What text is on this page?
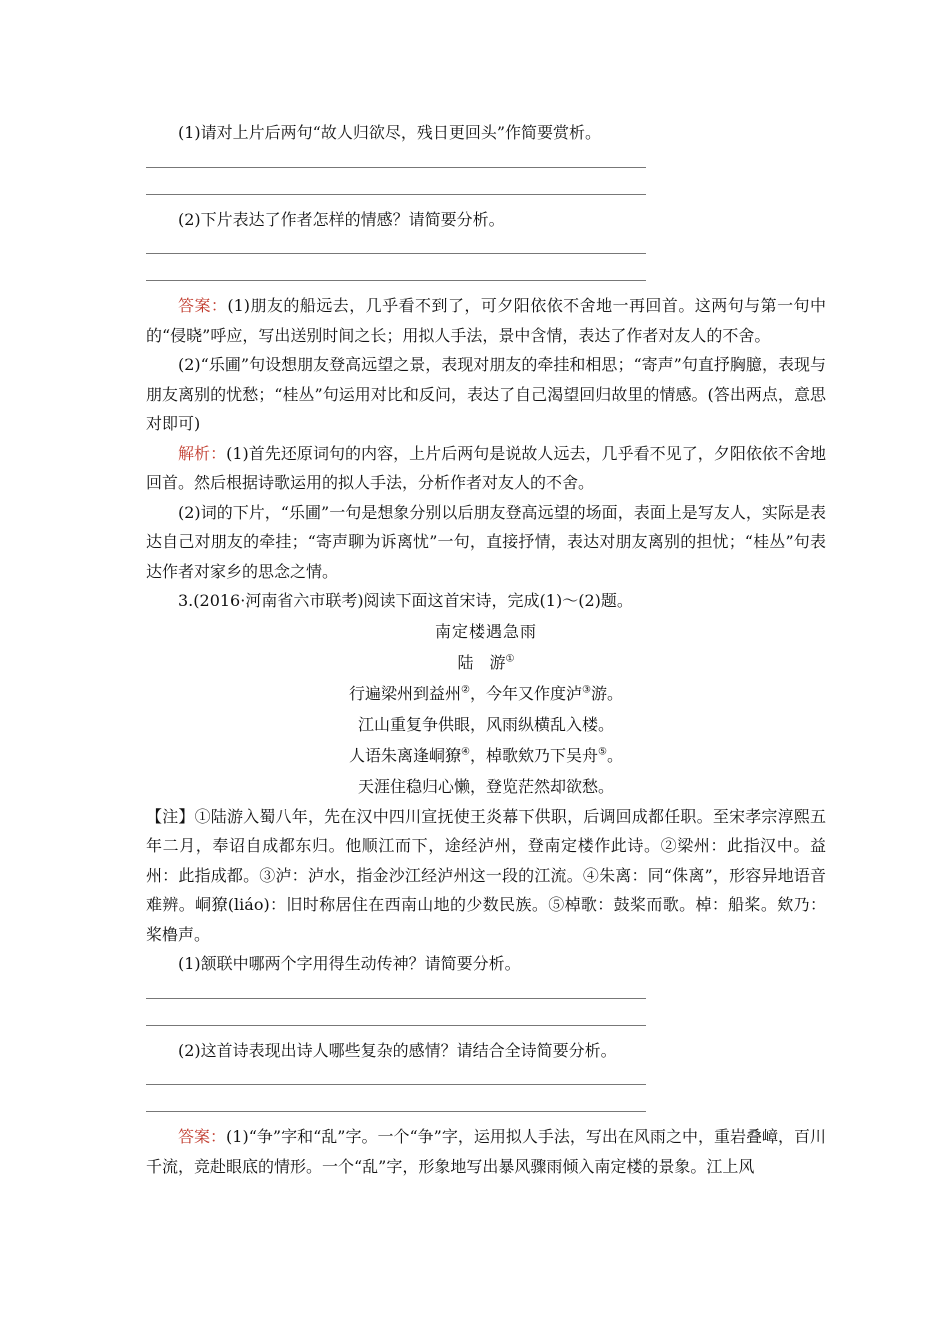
(1)请对上片后两句“故人归欲尽，残日更回头”作简要赏析。

(2)下片表达了作者怎样的情感？请简要分析。

答案：(1)朋友的船远去，几乎看不到了，可夕阳依依不舍地一再回首。这两句与第一句中的“侵晓”呼应，写出送别时间之长；用拟人手法，景中含情，表达了作者对友人的不舍。

(2)“乐圃”句设想朋友登高远望之景，表现对朋友的牵挂和相思；“寄声”句直抒胸臆，表现与朋友离别的忧愁；“桂丛”句运用对比和反问，表达了自己渴望回归故里的情感。(答出两点，意思对即可)

解析：(1)首先还原词句的内容，上片后两句是说故人远去，几乎看不见了，夕阳依依不舍地回首。然后根据诗歌运用的拟人手法，分析作者对友人的不舍。

(2)词的下片，“乐圃”一句是想象分别以后朋友登高远望的场面，表面上是写友人，实际是表达自己对朋友的牵挂；“寄声聊为诉离忧”一句，直接抒情，表达对朋友离别的担忧；“桂丛”句表达作者对家乡的思念之情。

3.(2016·河南省六市联考)阅读下面这首宋诗，完成(1)～(2)题。

南定楼遇急雨

陆　游①

行遍梁州到益州②，今年又作度泸③游。

江山重复争供眼，风雨纵横乱入楼。

人语朱离逢峒獠④，棹歌欸乃下吴舟⑤。

天涯住稳归心懒，登览茫然却欲愁。

【注】①陆游入蜀八年，先在汉中四川宣抚使王炎幕下供职，后调回成都任职。至宋孝宗淳熙五年二月，奉诏自成都东归。他顺江而下，途经泸州，登南定楼作此诗。②梁州：此指汉中。益州：此指成都。③泸：泸水，指金沙江经泸州这一段的江流。④朱离：同“侏离”，形容异地语音难辨。峒獠(liáo)：旧时称居住在西南山地的少数民族。⑤棹歌：鼓桨而歌。棹：船桨。欸乃：桨橹声。

(1)颔联中哪两个字用得生动传神？请简要分析。

(2)这首诗表现出诗人哪些复杂的感情？请结合全诗简要分析。

答案：(1)“争”字和“乱”字。一个“争”字，运用拟人手法，写出在风雨之中，重岩叠嶂，百川千流，竞赴眼底的情形。一个“乱”字，形象地写出暴风骤雨倾入南定楼的景象。江上风
